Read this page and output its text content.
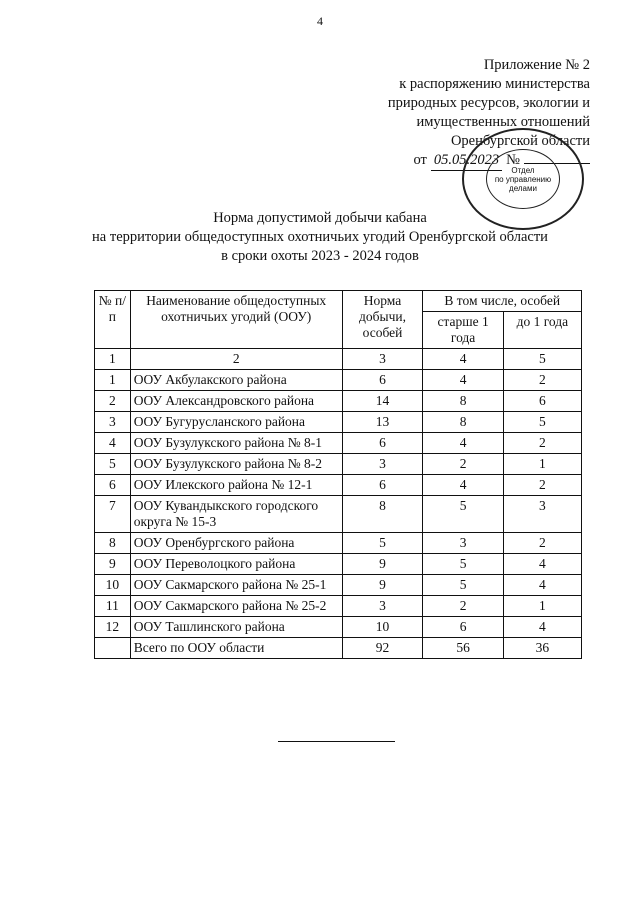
4
Приложение № 2
к распоряжению министерства
природных ресурсов, экологии и
имущественных отношений
Оренбургской области
от 05.05.2023 №
Отдел
по управлению
делами
Норма допустимой добычи кабана
на территории общедоступных охотничьих угодий Оренбургской области
в сроки охоты 2023 - 2024 годов
№ п/п	Наименование общедоступных охотничьих угодий (ООУ)	Норма добычи, особей	В том числе, особей	
			старше 1 года	до 1 года
1	2	3	4	5
1	ООУ Акбулакского района	6	4	2
2	ООУ Александровского района	14	8	6
3	ООУ Бугурусланского района	13	8	5
4	ООУ Бузулукского района № 8-1	6	4	2
5	ООУ Бузулукского района № 8-2	3	2	1
6	ООУ Илекского района № 12-1	6	4	2
7	ООУ Кувандыкского городского округа № 15-3	8	5	3
8	ООУ Оренбургского района	5	3	2
9	ООУ Переволоцкого района	9	5	4
10	ООУ Сакмарского района № 25-1	9	5	4
11	ООУ Сакмарского района № 25-2	3	2	1
12	ООУ Ташлинского района	10	6	4
	Всего по ООУ области	92	56	36
